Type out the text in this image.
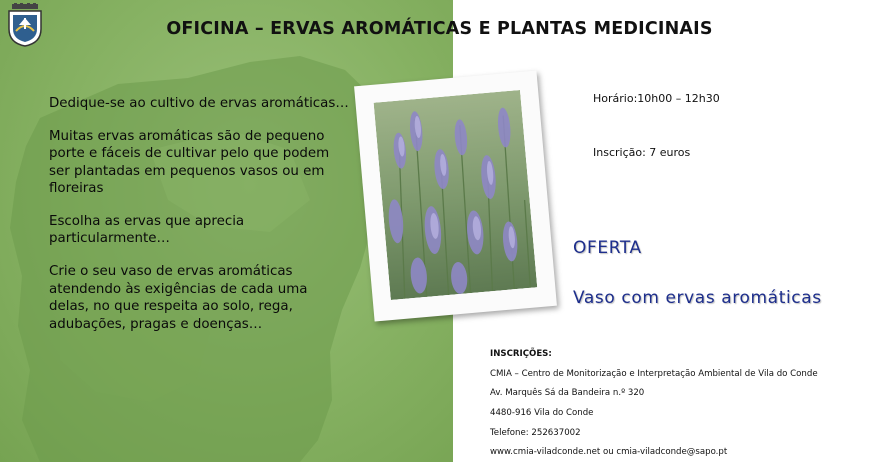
OFICINA – ERVAS AROMÁTICAS E PLANTAS MEDICINAIS

Dedique-se ao cultivo de ervas aromáticas…

Muitas ervas aromáticas são de pequeno porte e fáceis de cultivar pelo que podem ser plantadas em pequenos vasos ou em floreiras

Escolha as ervas que aprecia particularmente…

Crie o seu vaso de ervas aromáticas atendendo às exigências de cada uma delas, no que respeita ao solo, rega, adubações, pragas e doenças…

Horário:10h00 – 12h30
Inscrição: 7 euros
OFERTA
Vaso com ervas aromáticas
INSCRIÇÕES:
CMIA – Centro de Monitorização e Interpretação Ambiental de Vila do Conde
Av. Marquês Sá da Bandeira n.º 320
4480-916 Vila do Conde
Telefone: 252637002
www.cmia-viladconde.net ou cmia-viladconde@sapo.pt
